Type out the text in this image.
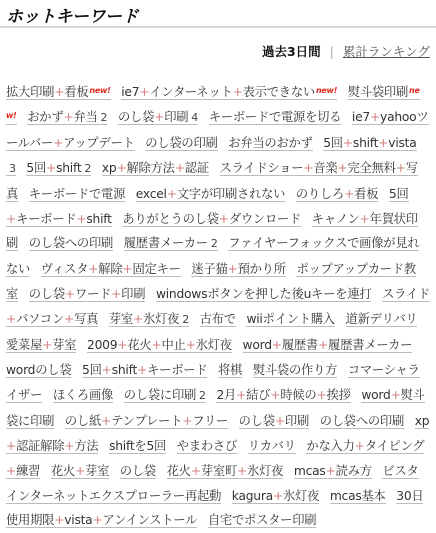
ホットキーワード
過去3日間 | 累計ランキング
拡大印刷+看板$^{new!}$ ie7+インターネット+表示できない$^{new!}$ 熨斗袋印刷$^{new!}$ おかず+弁当 2 のし袋+印刷 4 キーボードで電源を切る ie7+yahooツールバー+アップデート のし袋の印刷 お弁当のおかず 5回+shift+vista3 5回+shift 2 xp+解除方法+認証 スライドショー+音楽+完全無料+写真 キーボードで電源 excel+文字が印刷されない のりしろ+看板 5回+キーボード+shift ありがとうのし袋+ダウンロード キャノン+年賀状印刷 のし袋への印刷 履歴書メーカー 2 ファイヤーフォックスで画像が見れない ヴィスタ+解除+固定キー 迷子猫+預かり所 ポップアップカード教室 のし袋+ワード+印刷 windowsボタンを押した後uキーを連打 スライド+パソコン+写真 芽室+氷灯夜 2 古布で wiiポイント購入 道新デリバリ 愛菜屋+芽室 2009+花火+中止+氷灯夜 word+履歴書+履歴書メーカー wordのし袋 5回+shift+キーボード 将棋 熨斗袋の作り方 コマーシャライザー ほくろ画像 のし袋に印刷 2 2月+結び+時候の+挨拶 word+熨斗袋に印刷 のし紙+テンプレート+フリー のし袋+印刷 のし袋への印刷 xp+認証解除+方法 shiftを5回 やまわさび リカバリ かな入力+タイピング+練習 花火+芽室 のし袋 花火+芽室町+氷灯夜 mcas+読み方 ビスタインターネットエクスプローラー再起動 kagura+氷灯夜 mcas基本 30日使用期限+vista+アンインストール 自宅でポスター印刷
